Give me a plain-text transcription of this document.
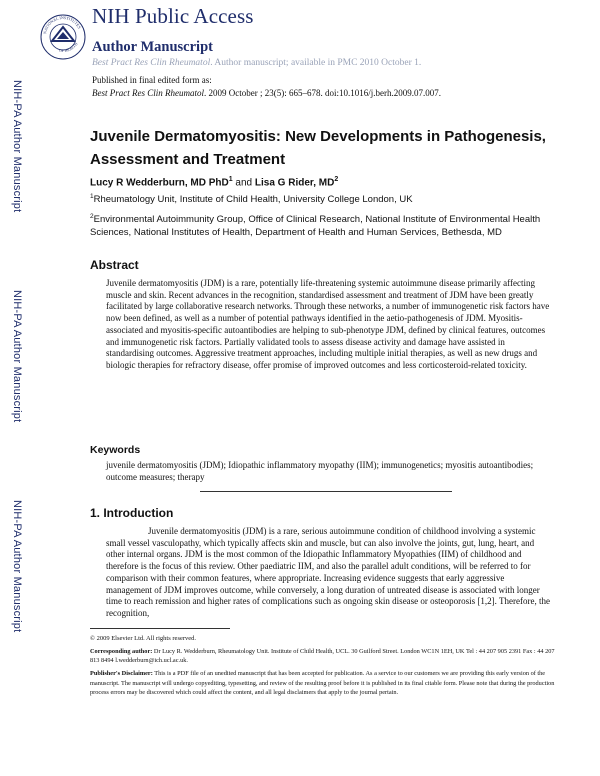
NATIONAL INSTITUTES
OF HEALTH
NIH Public Access
Author Manuscript
Best Pract Res Clin Rheumatol. Author manuscript; available in PMC 2010 October 1.
Published in final edited form as:
Best Pract Res Clin Rheumatol. 2009 October ; 23(5): 665–678. doi:10.1016/j.berh.2009.07.007.
NIH-PA Author Manuscript
NIH-PA Author Manuscript
NIH-PA Author Manuscript
Juvenile Dermatomyositis: New Developments in Pathogenesis, Assessment and Treatment
Lucy R Wedderburn, MD PhD$^1$ and Lisa G Rider, $MD^2$
$^1$Rheumatology Unit, Institute of Child Health, University College London, UK
$^2$Environmental Autoimmunity Group, Office of Clinical Research, National Institute of Environmental Health Sciences, National Institutes of Health, Department of Health and Human Services, Bethesda, MD
Abstract
Juvenile dermatomyositis (JDM) is a rare, potentially life-threatening systemic autoimmune disease primarily affecting muscle and skin. Recent advances in the recognition, standardised assessment and treatment of JDM have been greatly facilitated by large collaborative research networks. Through these networks, a number of immunogenetic risk factors have now been defined, as well as a number of potential pathways identified in the aetio-pathogenesis of JDM. Myositis-associated and myositis-specific autoantibodies are helping to sub-phenotype JDM, defined by clinical features, outcomes and immunogenetic risk factors. Partially validated tools to assess disease activity and damage have assisted in standardising outcomes. Aggressive treatment approaches, including multiple initial therapies, as well as new drugs and biologic therapies for refractory disease, offer promise of improved outcomes and less corticosteroid-related toxicity.
Keywords
juvenile dermatomyositis (JDM); Idiopathic inflammatory myopathy (IIM); immunogenetics; myositis autoantibodies; outcome measures; therapy
1. Introduction

Juvenile dermatomyositis (JDM) is a rare, serious autoimmune condition of childhood involving a systemic small vessel vasculopathy, which typically affects skin and muscle, but can also involve the joints, gut, lung, heart, and other internal organs. JDM is the most common of the Idiopathic Inflammatory Myopathies (IIM) of childhood and therefore is the focus of this review. Other paediatric IIM, and also the parallel adult conditions, will be referred to for comparison with their common features, where appropriate. Increasing evidence suggests that early aggressive management of JDM improves outcome, while conversely, a long duration of untreated disease is associated with longer time to reach remission and higher rates of complications such as ongoing skin disease or osteoporosis [1,2]. Therefore, the recognition,

© 2009 Elsevier Ltd. All rights reserved.
Corresponding author: Dr Lucy R. Wedderburn, Rheumatology Unit. Institute of Child Health, UCL. 30 Guilford Street. London WC1N 1EH, UK Tel : 44 207 905 2391 Fax : 44 207 813 8494 l.wedderburn@ich.ucl.ac.uk.
Publisher's Disclaimer: This is a PDF file of an unedited manuscript that has been accepted for publication. As a service to our customers we are providing this early version of the manuscript. The manuscript will undergo copyediting, typesetting, and review of the resulting proof before it is published in its final citable form. Please note that during the production process errors may be discovered which could affect the content, and all legal disclaimers that apply to the journal pertain.
